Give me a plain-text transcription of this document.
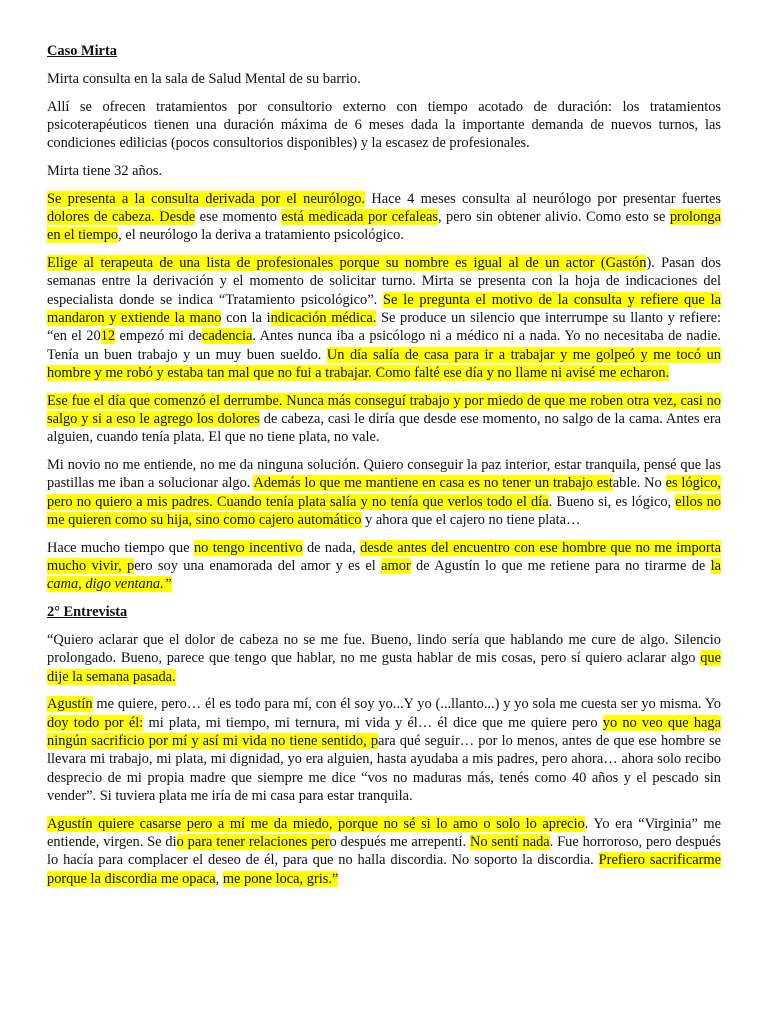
Caso Mirta

Mirta consulta en la sala de Salud Mental de su barrio.

Allí se ofrecen tratamientos por consultorio externo con tiempo acotado de duración: los tratamientos psicoterapéuticos tienen una duración máxima de 6 meses dada la importante demanda de nuevos turnos, las condiciones edilicias (pocos consultorios disponibles) y la escasez de profesionales.

Mirta tiene 32 años.

Se presenta a la consulta derivada por el neurólogo. Hace 4 meses consulta al neurólogo por presentar fuertes dolores de cabeza. Desde ese momento está medicada por cefaleas, pero sin obtener alivio. Como esto se prolonga en el tiempo, el neurólogo la deriva a tratamiento psicológico.

Elige al terapeuta de una lista de profesionales porque su nombre es igual al de un actor (Gastón). Pasan dos semanas entre la derivación y el momento de solicitar turno. Mirta se presenta con la hoja de indicaciones del especialista donde se indica “Tratamiento psicológico”. Se le pregunta el motivo de la consulta y refiere que la mandaron y extiende la mano con la indicación médica. Se produce un silencio que interrumpe su llanto y refiere: “en el 2012 empezó mi decadencia. Antes nunca iba a psicólogo ni a médico ni a nada. Yo no necesitaba de nadie. Tenía un buen trabajo y un muy buen sueldo. Un día salía de casa para ir a trabajar y me golpeó y me tocó un hombre y me robó y estaba tan mal que no fui a trabajar. Como falté ese día y no llame ni avisé me echaron.

Ese fue el día que comenzó el derrumbe. Nunca más conseguí trabajo y por miedo de que me roben otra vez, casi no salgo y si a eso le agrego los dolores de cabeza, casi le diría que desde ese momento, no salgo de la cama. Antes era alguien, cuando tenía plata. El que no tiene plata, no vale.

Mi novio no me entiende, no me da ninguna solución. Quiero conseguir la paz interior, estar tranquila, pensé que las pastillas me iban a solucionar algo. Además lo que me mantiene en casa es no tener un trabajo estable. No es lógico, pero no quiero a mis padres. Cuando tenía plata salía y no tenía que verlos todo el día. Bueno si, es lógico, ellos no me quieren como su hija, sino como cajero automático y ahora que el cajero no tiene plata…

Hace mucho tiempo que no tengo incentivo de nada, desde antes del encuentro con ese hombre que no me importa mucho vivir, pero soy una enamorada del amor y es el amor de Agustín lo que me retiene para no tirarme de la cama, digo ventana.”

2° Entrevista

“Quiero aclarar que el dolor de cabeza no se me fue. Bueno, lindo sería que hablando me cure de algo. Silencio prolongado. Bueno, parece que tengo que hablar, no me gusta hablar de mis cosas, pero sí quiero aclarar algo que dije la semana pasada.

Agustín me quiere, pero… él es todo para mí, con él soy yo...Y yo (...llanto...) y yo sola me cuesta ser yo misma. Yo doy todo por él: mi plata, mi tiempo, mi ternura, mi vida y él… él dice que me quiere pero yo no veo que haga ningún sacrificio por mí y así mi vida no tiene sentido, para qué seguir… por lo menos, antes de que ese hombre se llevara mi trabajo, mi plata, mi dignidad, yo era alguien, hasta ayudaba a mis padres, pero ahora… ahora solo recibo desprecio de mi propia madre que siempre me dice “vos no maduras más, tenés como 40 años y el pescado sin vender”. Si tuviera plata me iría de mi casa para estar tranquila.

Agustín quiere casarse pero a mí me da miedo, porque no sé si lo amo o solo lo aprecio. Yo era “Virginia” me entiende, virgen. Se dio para tener relaciones pero después me arrepentí. No sentí nada. Fue horroroso, pero después lo hacía para complacer el deseo de él, para que no halla discordia. No soporto la discordia. Prefiero sacrificarme porque la discordia me opaca, me pone loca, gris.”
